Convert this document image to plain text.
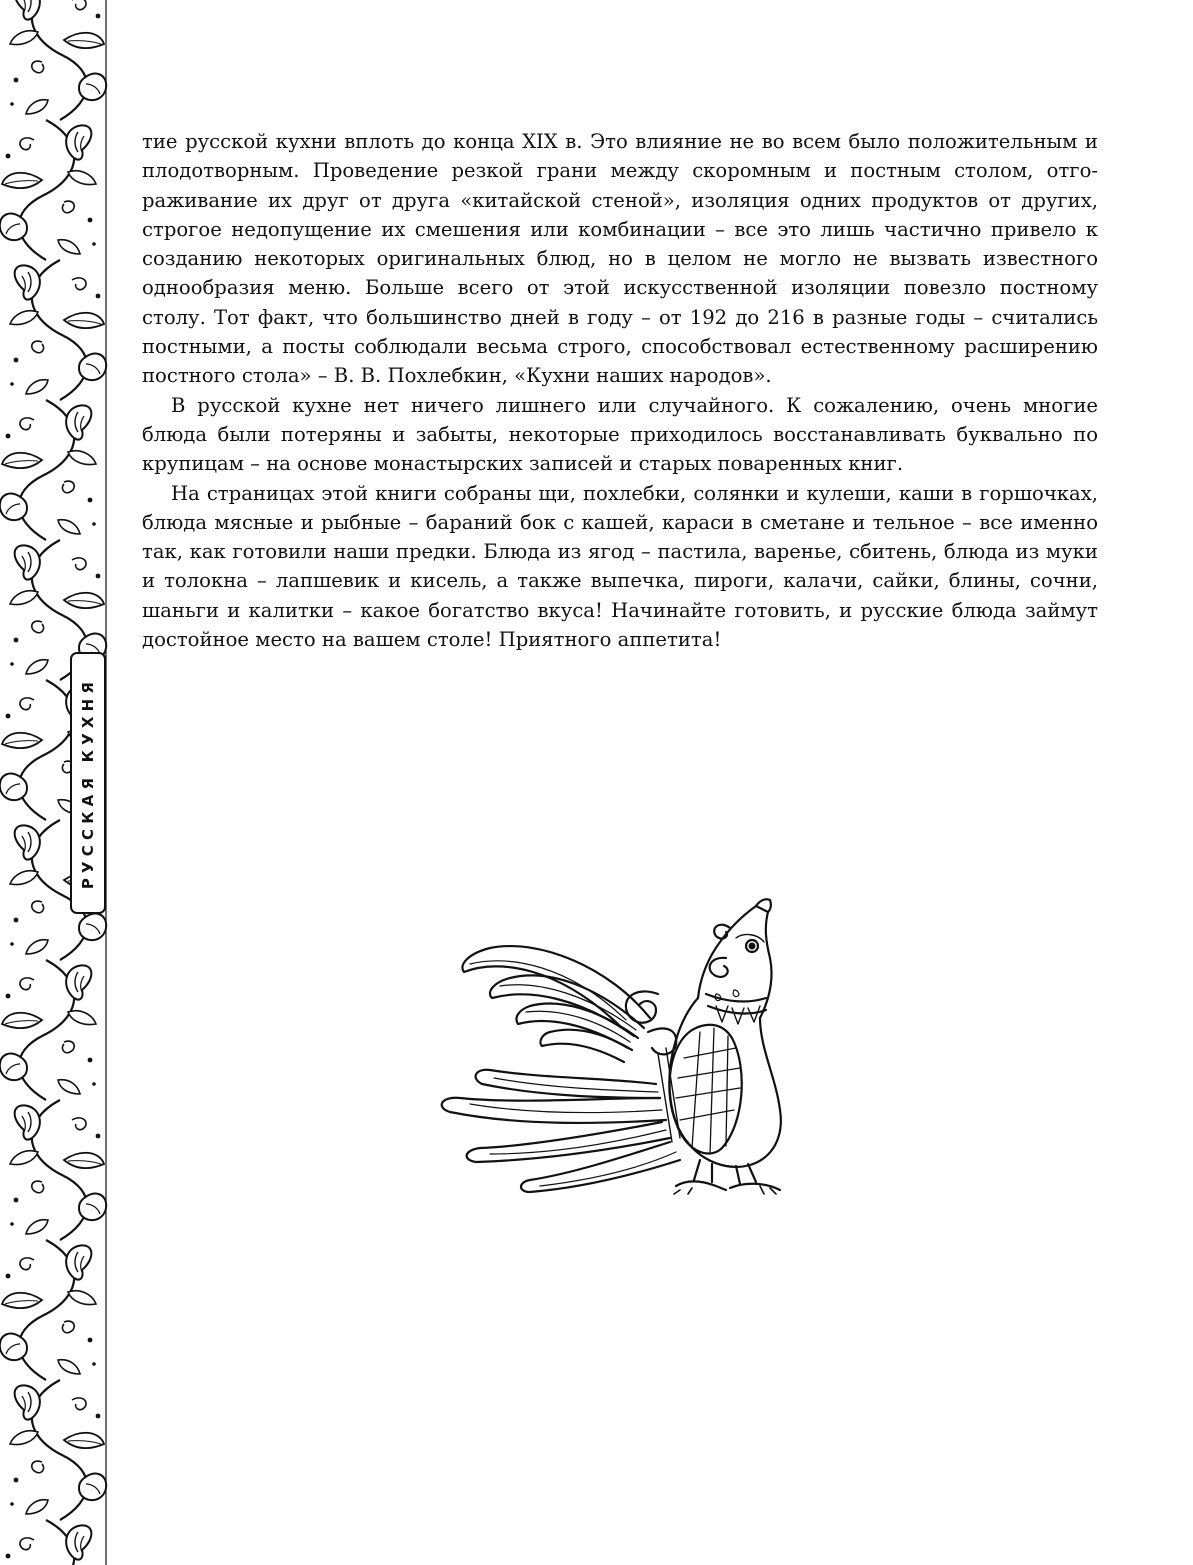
РУССКАЯ КУХНЯ

тие русской кухни вплоть до конца XIX в. Это влияние не во всем было положительным и плодотворным. Проведение резкой грани между скоромным и постным столом, отгораживание их друг от друга «китайской стеной», изоляция одних продуктов от других, строгое недопущение их смешения или комбинации – все это лишь частично привело к созданию некоторых оригинальных блюд, но в целом не могло не вызвать известного однообразия меню. Больше всего от этой искусственной изоляции повезло постному столу. Тот факт, что большинство дней в году – от 192 до 216 в разные годы – считались постными, а посты соблюдали весьма строго, способствовал естественному расширению постного стола» – В. В. Похлебкин, «Кухни наших народов».

В русской кухне нет ничего лишнего или случайного. К сожалению, очень многие блюда были потеряны и забыты, некоторые приходилось восстанавливать буквально по крупицам – на основе монастырских записей и старых поваренных книг.

На страницах этой книги собраны щи, похлебки, солянки и кулеши, каши в горшочках, блюда мясные и рыбные – бараний бок с кашей, караси в сметане и тельное – все именно так, как готовили наши предки. Блюда из ягод – пастила, варенье, сбитень, блюда из муки и толокна – лапшевик и кисель, а также выпечка, пироги, калачи, сайки, блины, сочни, шаньги и калитки – какое богатство вкуса! Начинайте готовить, и русские блюда займут достойное место на вашем столе! Приятного аппетита!
